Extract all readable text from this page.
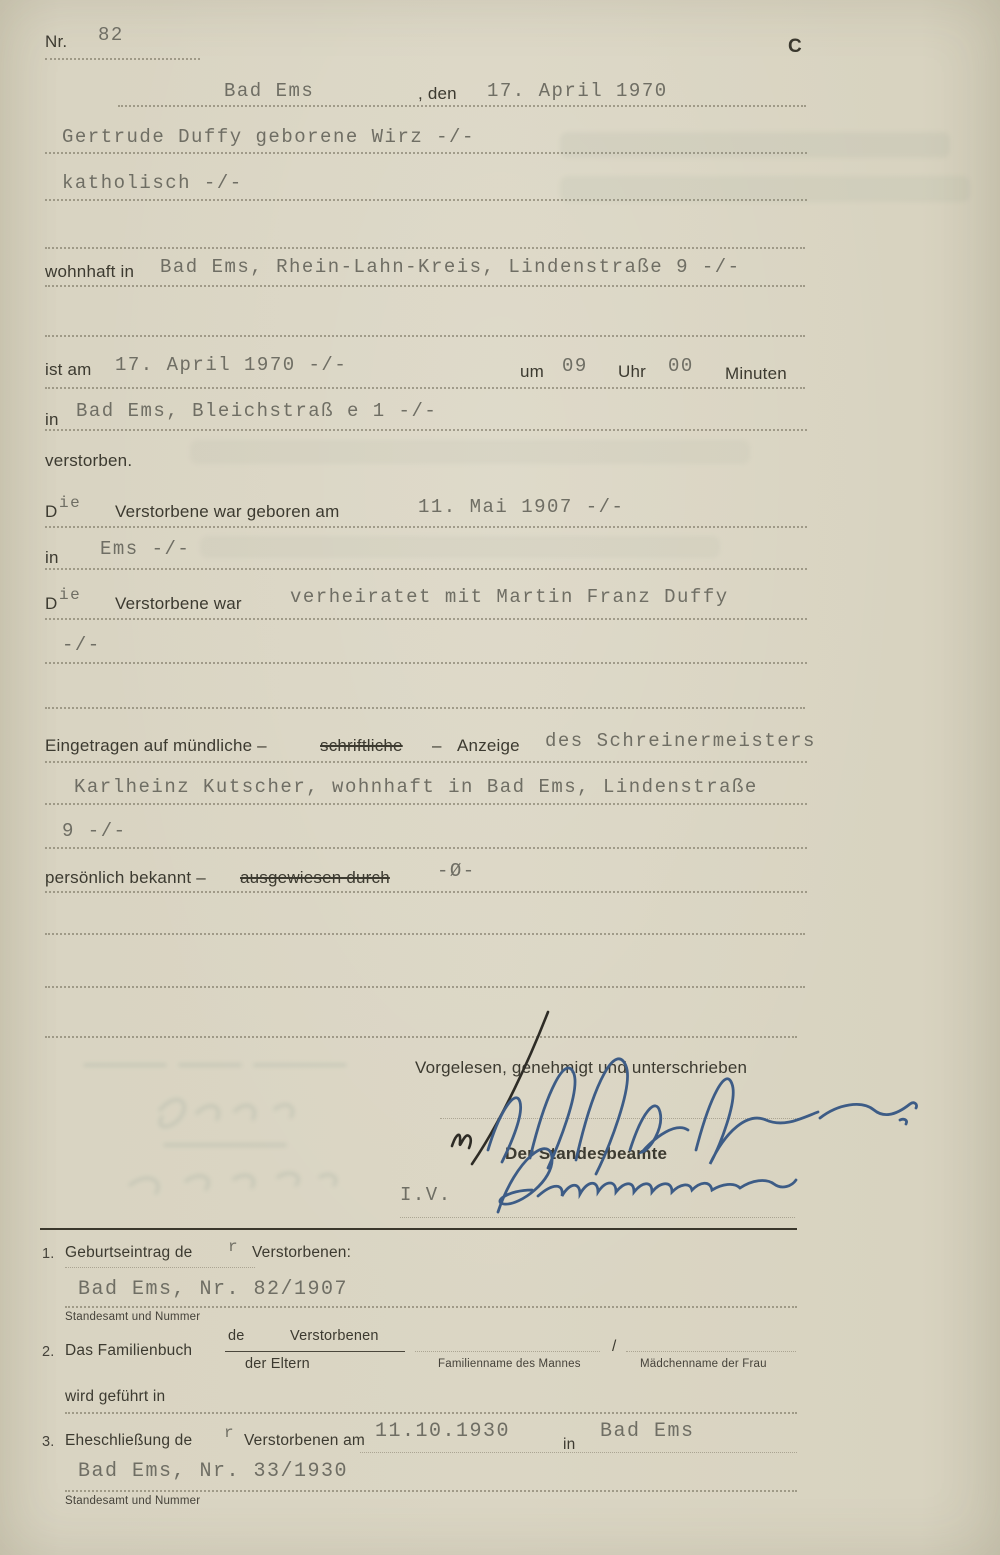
Nr. 82
C
Bad Ems	, den 17. April 1970
Gertrude Duffy geborene Wirz -/-
katholisch -/-
wohnhaft in Bad Ems, Rhein-Lahn-Kreis, Lindenstraße 9 -/-
ist am 17. April 1970 -/-	um 09 Uhr 00 Minuten
in Bad Ems, Bleichstraß e 1 -/-
verstorben.
D ie Verstorbene war geboren am	11. Mai 1907 -/-
in Ems -/-
D ie Verstorbene war	verheiratet mit Martin Franz Duffy
-/-
Eingetragen auf mündliche –	schriftliche – Anzeige des Schreinermeisters
Karlheinz Kutscher, wohnhaft in Bad Ems, Lindenstraße
9 -/-
persönlich bekannt – ausgewiesen durch -Ø-
Vorgelesen, genehmigt und unterschrieben
Der Standesbeamte
I.V.
1. Geburtseintrag de r Verstorbenen:
Bad Ems, Nr. 82/1907
Standesamt und Nummer
2. Das Familienbuch
de	Verstorbenen
der Eltern	Familienname des Mannes
/
Mädchenname der Frau
wird geführt in
3. Eheschließung de r Verstorbenen am 11.10.1930
in
Bad Ems
Bad Ems, Nr. 33/1930
Standesamt und Nummer
